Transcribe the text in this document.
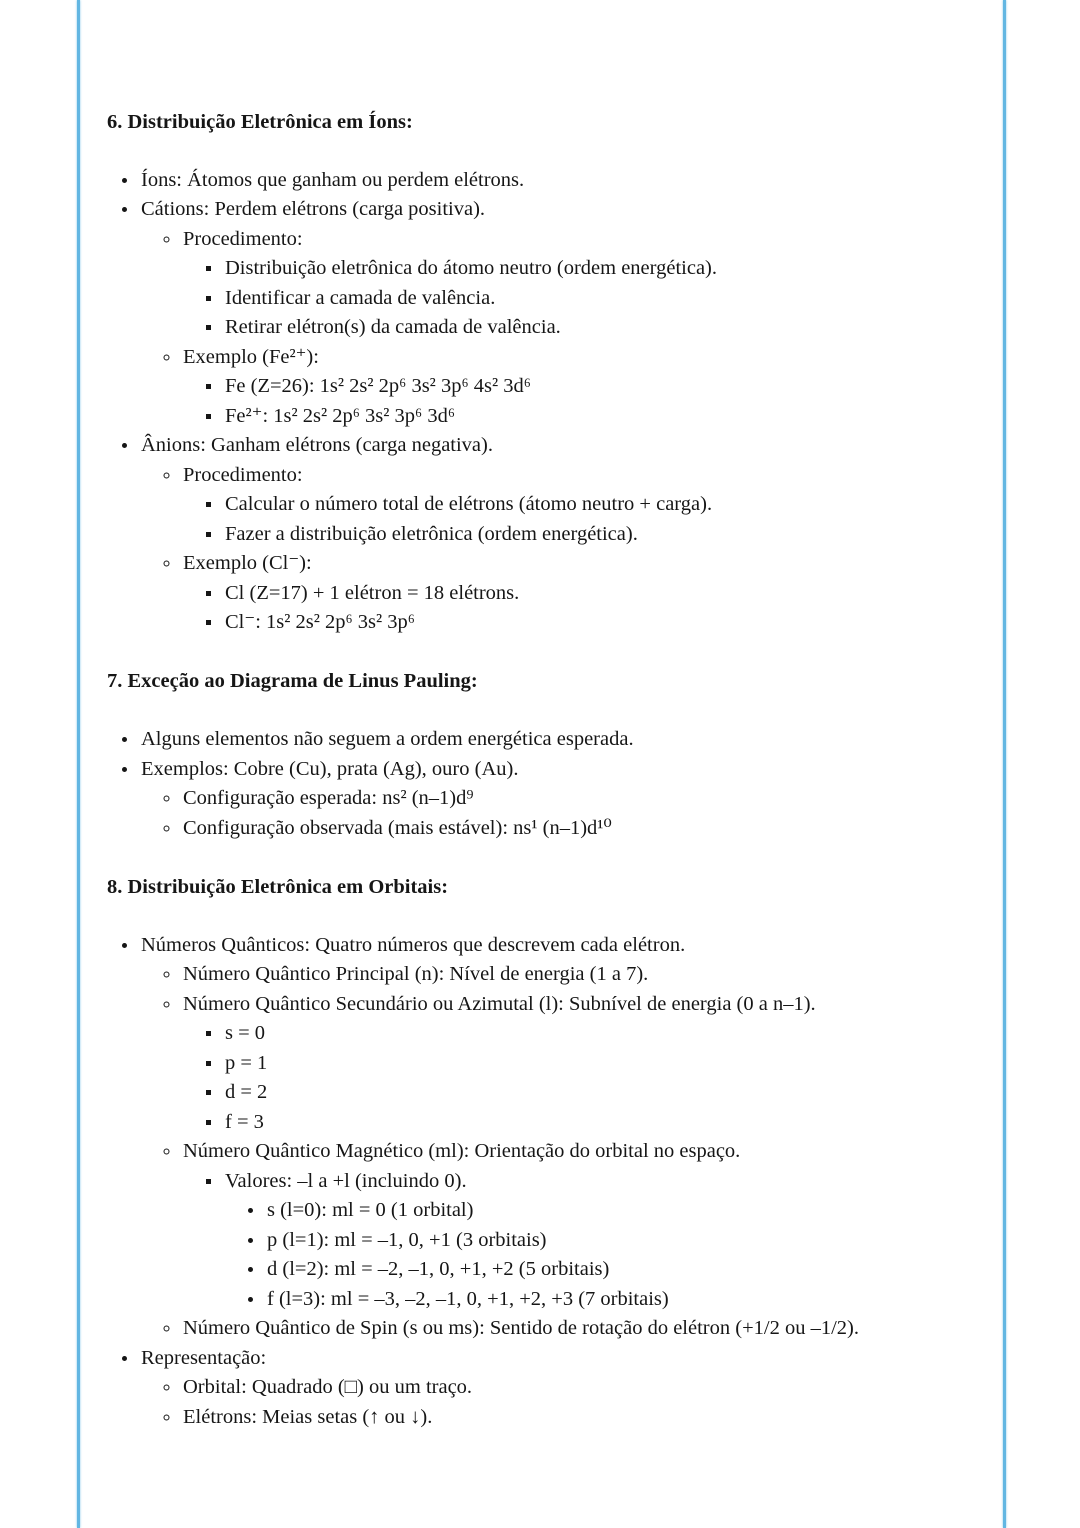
6. Distribuição Eletrônica em Íons:
• Íons: Átomos que ganham ou perdem elétrons.
• Cátions: Perdem elétrons (carga positiva).
◦ Procedimento:
▪ Distribuição eletrônica do átomo neutro (ordem energética).
▪ Identificar a camada de valência.
▪ Retirar elétron(s) da camada de valência.
◦ Exemplo (Fe²⁺):
▪ Fe (Z=26): 1s² 2s² 2p⁶ 3s² 3p⁶ 4s² 3d⁶
▪ Fe²⁺: 1s² 2s² 2p⁶ 3s² 3p⁶ 3d⁶
• Ânions: Ganham elétrons (carga negativa).
◦ Procedimento:
▪ Calcular o número total de elétrons (átomo neutro + carga).
▪ Fazer a distribuição eletrônica (ordem energética).
◦ Exemplo (Cl⁻):
▪ Cl (Z=17) + 1 elétron = 18 elétrons.
▪ Cl⁻: 1s² 2s² 2p⁶ 3s² 3p⁶
7. Exceção ao Diagrama de Linus Pauling:
• Alguns elementos não seguem a ordem energética esperada.
• Exemplos: Cobre (Cu), prata (Ag), ouro (Au).
◦ Configuração esperada: ns² (n–1)d⁹
◦ Configuração observada (mais estável): ns¹ (n–1)d¹⁰
8. Distribuição Eletrônica em Orbitais:
• Números Quânticos: Quatro números que descrevem cada elétron.
◦ Número Quântico Principal (n): Nível de energia (1 a 7).
◦ Número Quântico Secundário ou Azimutal (l): Subnível de energia (0 a n–1).
▪ s = 0
▪ p = 1
▪ d = 2
▪ f = 3
◦ Número Quântico Magnético (ml): Orientação do orbital no espaço.
▪ Valores: –l a +l (incluindo 0).
• s (l=0): ml = 0 (1 orbital)
• p (l=1): ml = –1, 0, +1 (3 orbitais)
• d (l=2): ml = –2, –1, 0, +1, +2 (5 orbitais)
• f (l=3): ml = –3, –2, –1, 0, +1, +2, +3 (7 orbitais)
◦ Número Quântico de Spin (s ou ms): Sentido de rotação do elétron (+1/2 ou –1/2).
• Representação:
◦ Orbital: Quadrado (□) ou um traço.
◦ Elétrons: Meias setas (↑ ou ↓).
